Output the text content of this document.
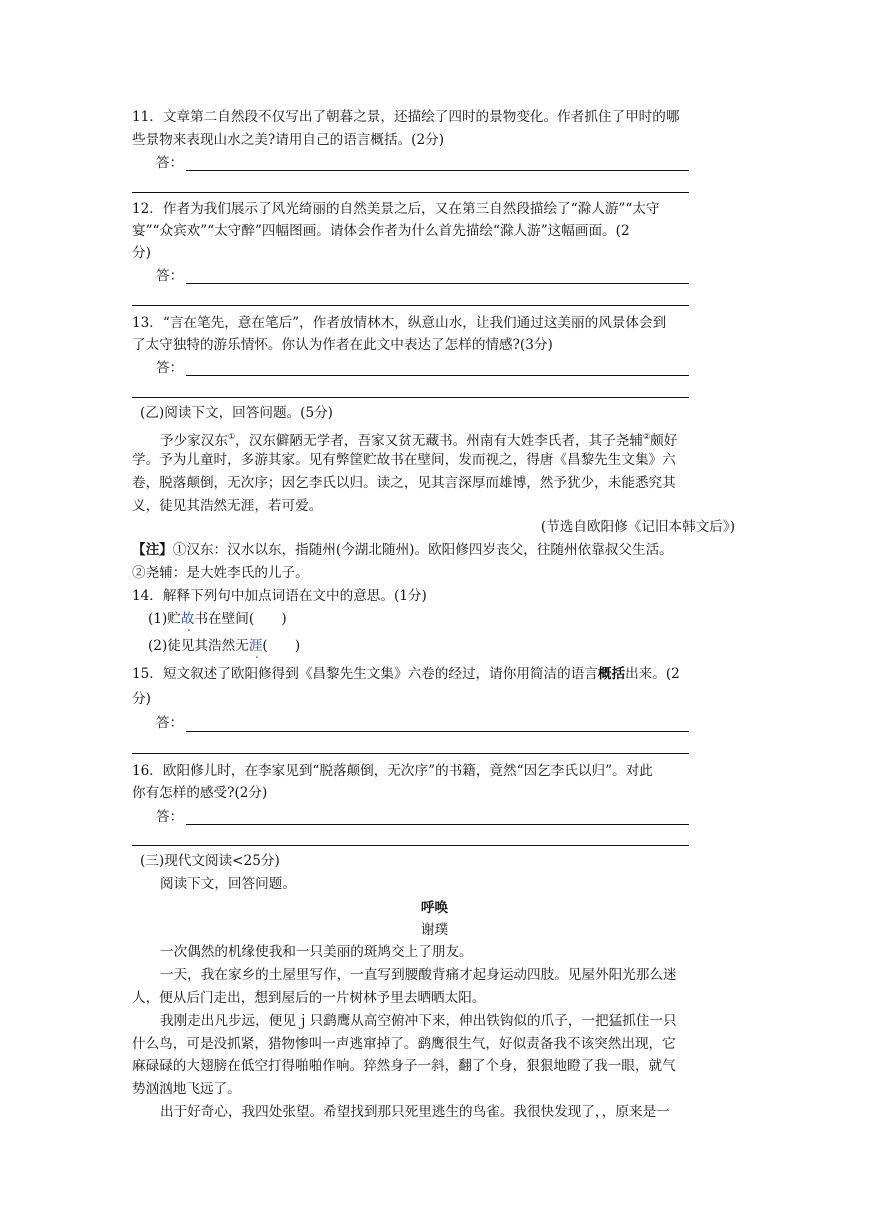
11．文章第二自然段不仅写出了朝暮之景，还描绘了四时的景物变化。作者抓住了甲时的哪
些景物来表现山水之美?请用自己的语言概括。(2分)
答：
12．作者为我们展示了风光绮丽的自然美景之后，又在第三自然段描绘了“滁人游”“太守
宴”“众宾欢”“太守醉”四幅图画。请体会作者为什么首先描绘“滁人游”这幅画面。(2
分)
答：
13．“言在笔先，意在笔后”，作者放情林木，纵意山水，让我们通过这美丽的风景体会到
了太守独特的游乐情怀。你认为作者在此文中表达了怎样的情感?(3分)
答：
(乙)阅读下文，回答问题。(5分)
予少家汉东①，汉东僻陋无学者，吾家又贫无藏书。州南有大姓李氏者，其子尧辅②颇好
学。予为儿童时，多游其家。见有弊筐贮故书在壁间，发而视之，得唐《昌黎先生文集》六
卷，脱落颠倒，无次序；因乞李氏以归。读之，见其言深厚而雄博，然予犹少，未能悉究其
义，徒见其浩然无涯，若可爱。
(节选自欧阳修《记旧本韩文后》)
【注】①汉东：汉水以东，指随州(今湖北随州)。欧阳修四岁丧父，往随州依靠叔父生活。
②尧辅：是大姓李氏的儿子。
14．解释下列句中加点词语在文中的意思。(1分)
(1)贮故书在壁间(　　)
(2)徒见其浩然无涯(　　)
15．短文叙述了欧阳修得到《昌黎先生文集》六卷的经过，请你用简洁的语言概括出来。(2
分)
答：
16．欧阳修儿时，在李家见到“脱落颠倒，无次序”的书籍，竟然“因乞李氏以归”。对此
你有怎样的感受?(2分)
答：
(三)现代文阅读<25分)
阅读下文，回答问题。
呼唤
谢璞
一次偶然的机缘使我和一只美丽的斑鸠交上了朋友。
一天，我在家乡的土屋里写作，一直写到腰酸背痛才起身运动四肢。见屋外阳光那么迷
人，便从后门走出，想到屋后的一片树林予里去晒晒太阳。
我刚走出凡步远，便见ｊ只鹞鹰从高空俯冲下来，伸出铁钩似的爪子，一把猛抓住一只
什么鸟，可是没抓紧，猎物惨叫一声逃窜掉了。鹞鹰很生气，好似责备我不该突然出现，它
麻碌碌的大翅膀在低空打得啪啪作响。猝然身子一斜，翻了个身，狠狠地瞪了我一眼，就气
势汹汹地飞远了。
出于好奇心，我四处张望。希望找到那只死里逃生的鸟雀。我很快发现了，，原来是一
